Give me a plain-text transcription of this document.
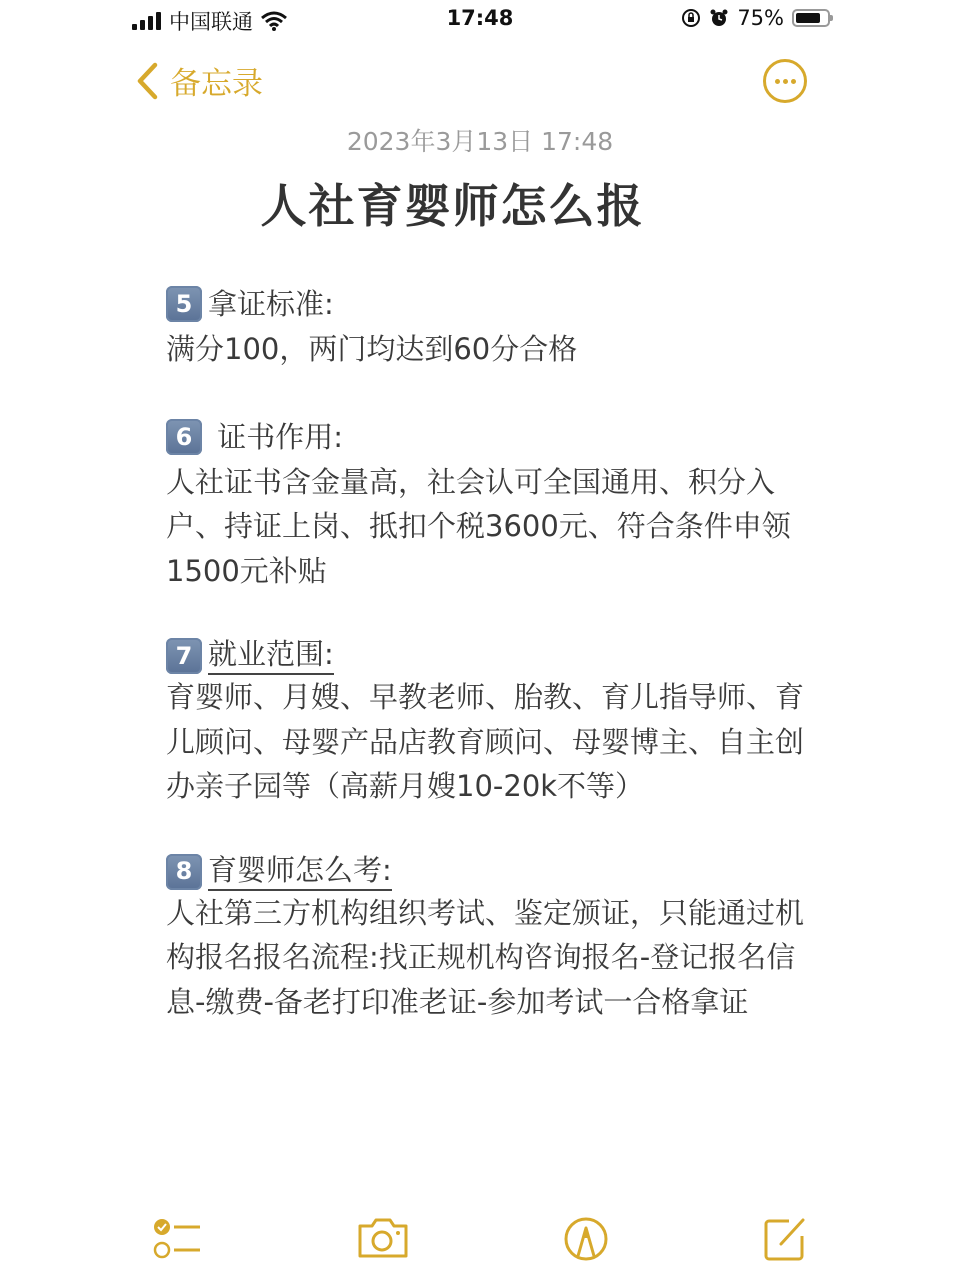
中国联通	17:48	75%
备忘录
2023年3月13日 17:48
人社育婴师怎么报
5 拿证标准:
满分100，两门均达到60分合格
6 证书作用:
人社证书含金量高，社会认可全国通用、积分入户、持证上岗、抵扣个税3600元、符合条件申领1500元补贴
7 就业范围:
育婴师、月嫂、早教老师、胎教、育儿指导师、育儿顾问、母婴产品店教育顾问、母婴博主、自主创办亲子园等（高薪月嫂10-20k不等）
8 育婴师怎么考:
人社第三方机构组织考试、鉴定颁证，只能通过机构报名报名流程:找正规机构咨询报名-登记报名信息-缴费-备老打印准老证-参加考试一合格拿证
